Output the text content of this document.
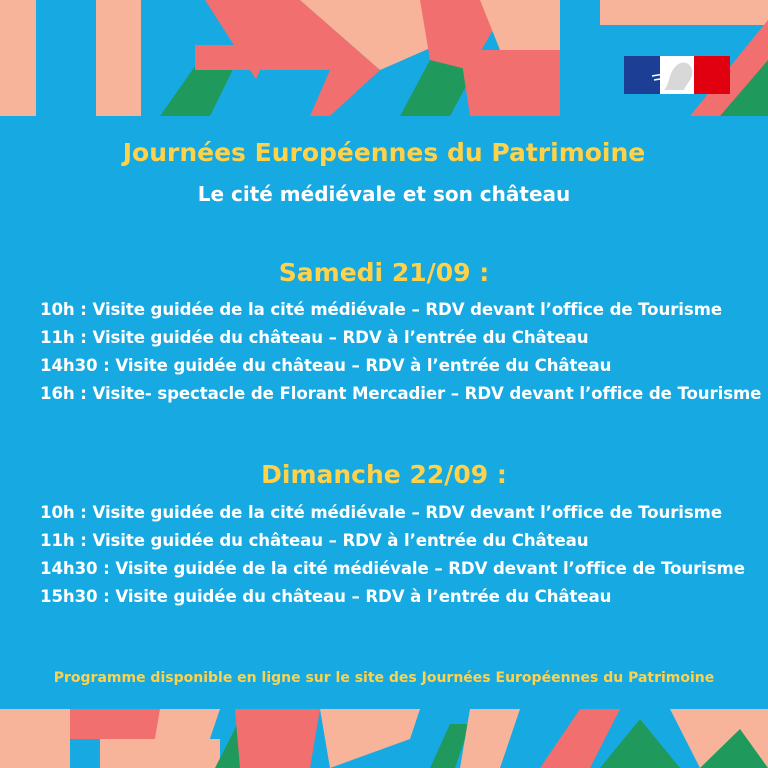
Journées Européennes du Patrimoine
Le cité médiévale et son château
Samedi 21/09 :
10h : Visite guidée de la cité médiévale – RDV devant l’office de Tourisme
11h : Visite guidée du château – RDV à l’entrée du Château
14h30 : Visite guidée du château – RDV à l’entrée du Château
16h : Visite- spectacle de Florant Mercadier – RDV devant l’office de Tourisme
Dimanche 22/09 :
10h : Visite guidée de la cité médiévale – RDV devant l’office de Tourisme
11h : Visite guidée du château – RDV à l’entrée du Château
14h30 : Visite guidée de la cité médiévale – RDV devant l’office de Tourisme
15h30 : Visite guidée du château – RDV à l’entrée du Château
Programme disponible en ligne sur le site des Journées Européennes du Patrimoine
